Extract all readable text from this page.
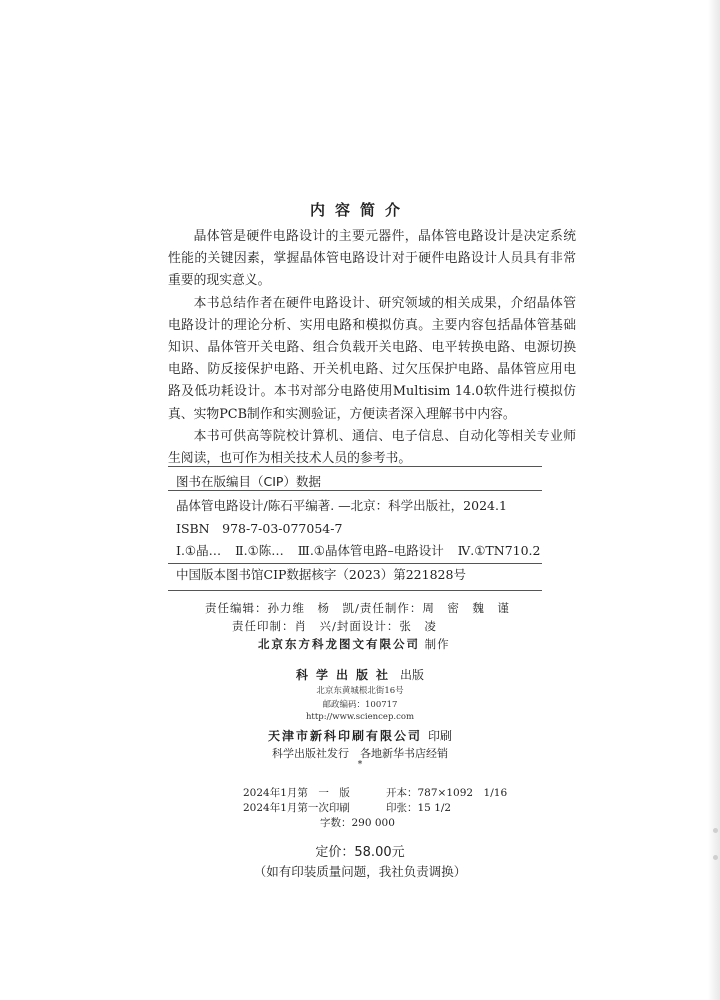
内容简介

晶体管是硬件电路设计的主要元器件，晶体管电路设计是决定系统性能的关键因素，掌握晶体管电路设计对于硬件电路设计人员具有非常重要的现实意义。

本书总结作者在硬件电路设计、研究领域的相关成果，介绍晶体管电路设计的理论分析、实用电路和模拟仿真。主要内容包括晶体管基础知识、晶体管开关电路、组合负载开关电路、电平转换电路、电源切换电路、防反接保护电路、开关机电路、过欠压保护电路、晶体管应用电路及低功耗设计。本书对部分电路使用Multisim 14.0软件进行模拟仿真、实物PCB制作和实测验证，方便读者深入理解书中内容。

本书可供高等院校计算机、通信、电子信息、自动化等相关专业师生阅读，也可作为相关技术人员的参考书。

图书在版编目（CIP）数据
晶体管电路设计/陈石平编著. —北京：科学出版社，2024.1
ISBN　978-7-03-077054-7
Ⅰ.①晶… Ⅱ.①陈… Ⅲ.①晶体管电路–电路设计 Ⅳ.①TN710.2
中国版本图书馆CIP数据核字（2023）第221828号
责任编辑：孙力维　杨　凯/责任制作：周　密　魏　谨
责任印制：肖　兴/封面设计：张　凌
北京东方科龙图文有限公司 制作
科学出版社 出版
北京东黄城根北街16号
邮政编码：100717
http://www.sciencep.com
天津市新科印刷有限公司 印刷
科学出版社发行　各地新华书店经销
*
2024年1月第　一　版	开本：787×1092　1/16
2024年1月第一次印刷	印张：15 1/2
字数：290 000
定价：58.00元
（如有印装质量问题，我社负责调换）
